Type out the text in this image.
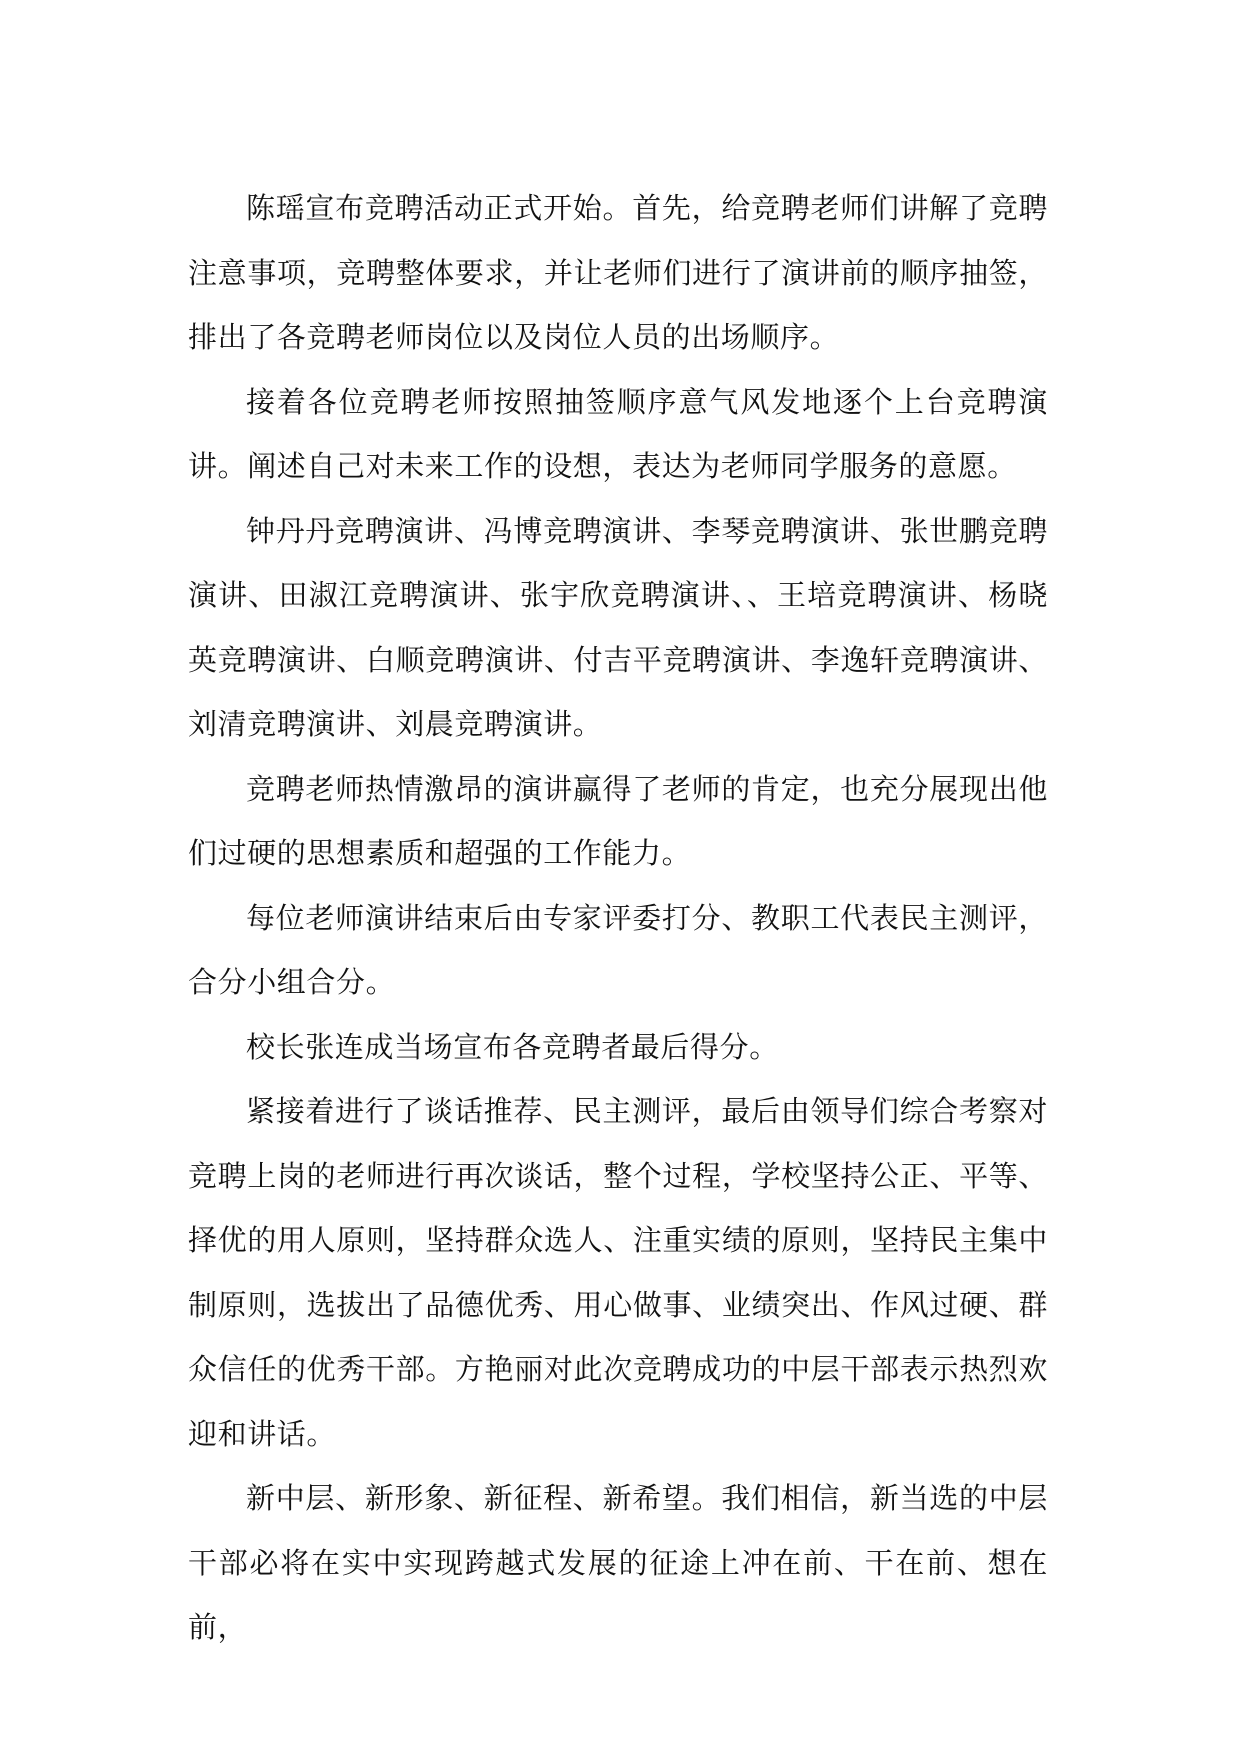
陈瑶宣布竞聘活动正式开始。首先，给竞聘老师们讲解了竞聘注意事项，竞聘整体要求，并让老师们进行了演讲前的顺序抽签，排出了各竞聘老师岗位以及岗位人员的出场顺序。

接着各位竞聘老师按照抽签顺序意气风发地逐个上台竞聘演讲。阐述自己对未来工作的设想，表达为老师同学服务的意愿。

钟丹丹竞聘演讲、冯博竞聘演讲、李琴竞聘演讲、张世鹏竞聘演讲、田淑江竞聘演讲、张宇欣竞聘演讲、、王培竞聘演讲、杨晓英竞聘演讲、白顺竞聘演讲、付吉平竞聘演讲、李逸轩竞聘演讲、刘清竞聘演讲、刘晨竞聘演讲。

竞聘老师热情激昂的演讲赢得了老师的肯定，也充分展现出他们过硬的思想素质和超强的工作能力。

每位老师演讲结束后由专家评委打分、教职工代表民主测评，合分小组合分。

校长张连成当场宣布各竞聘者最后得分。

紧接着进行了谈话推荐、民主测评，最后由领导们综合考察对竞聘上岗的老师进行再次谈话，整个过程，学校坚持公正、平等、择优的用人原则，坚持群众选人、注重实绩的原则，坚持民主集中制原则，选拔出了品德优秀、用心做事、业绩突出、作风过硬、群众信任的优秀干部。方艳丽对此次竞聘成功的中层干部表示热烈欢迎和讲话。

新中层、新形象、新征程、新希望。我们相信，新当选的中层干部必将在实中实现跨越式发展的征途上冲在前、干在前、想在前，
